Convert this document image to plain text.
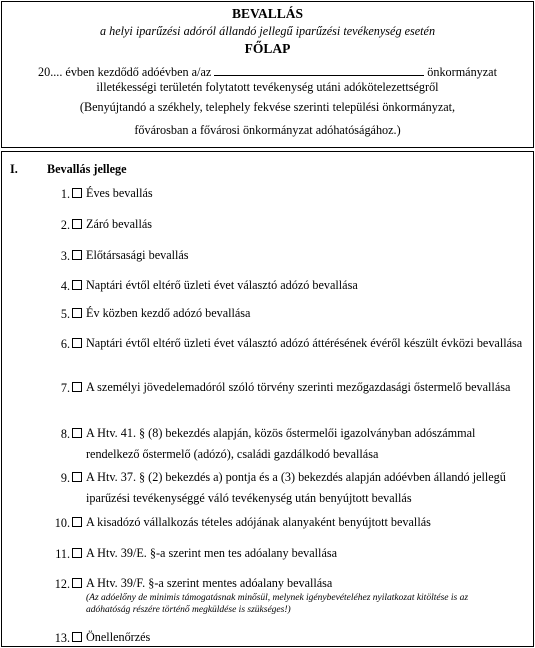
BEVALLÁS
a helyi iparűzési adóról állandó jellegű iparűzési tevékenység esetén
FŐLAP
20.... évben kezdődő adóévben a/az	önkormányzat
illetékességi területén folytatott tevékenység utáni adókötelezettségről
(Benyújtandó a székhely, telephely fekvése szerinti települési önkormányzat,
fővárosban a fővárosi önkormányzat adóhatóságához.)
I. Bevallás jellege
1. Éves bevallás
2. Záró bevallás
3. Előtársasági bevallás
4. Naptári évtől eltérő üzleti évet választó adózó bevallása
5. Év közben kezdő adózó bevallása
6. Naptári évtől eltérő üzleti évet választó adózó áttérésének évéről készült évközi bevallása
7. A személyi jövedelemadóról szóló törvény szerinti mezőgazdasági őstermelő bevallása
8. A Htv. 41. § (8) bekezdés alapján, közös őstermelői igazolványban adószámmal rendelkező őstermelő (adózó), családi gazdálkodó bevallása
9. A Htv. 37. § (2) bekezdés a) pontja és a (3) bekezdés alapján adóévben állandó jellegű iparűzési tevékenységgé váló tevékenység után benyújtott bevallás
10. A kisadózó vállalkozás tételes adójának alanyaként benyújtott bevallás
11. A Htv. 39/E. §-a szerint men tes adóalany bevallása
12. A Htv. 39/F. §-a szerint mentes adóalany bevallása
(Az adóelőny de minimis támogatásnak minősül, melynek igénybevételéhez nyilatkozat kitöltése is az
adóhatóság részére történő megküldése is szükséges!)
13. Önellenőrzés
